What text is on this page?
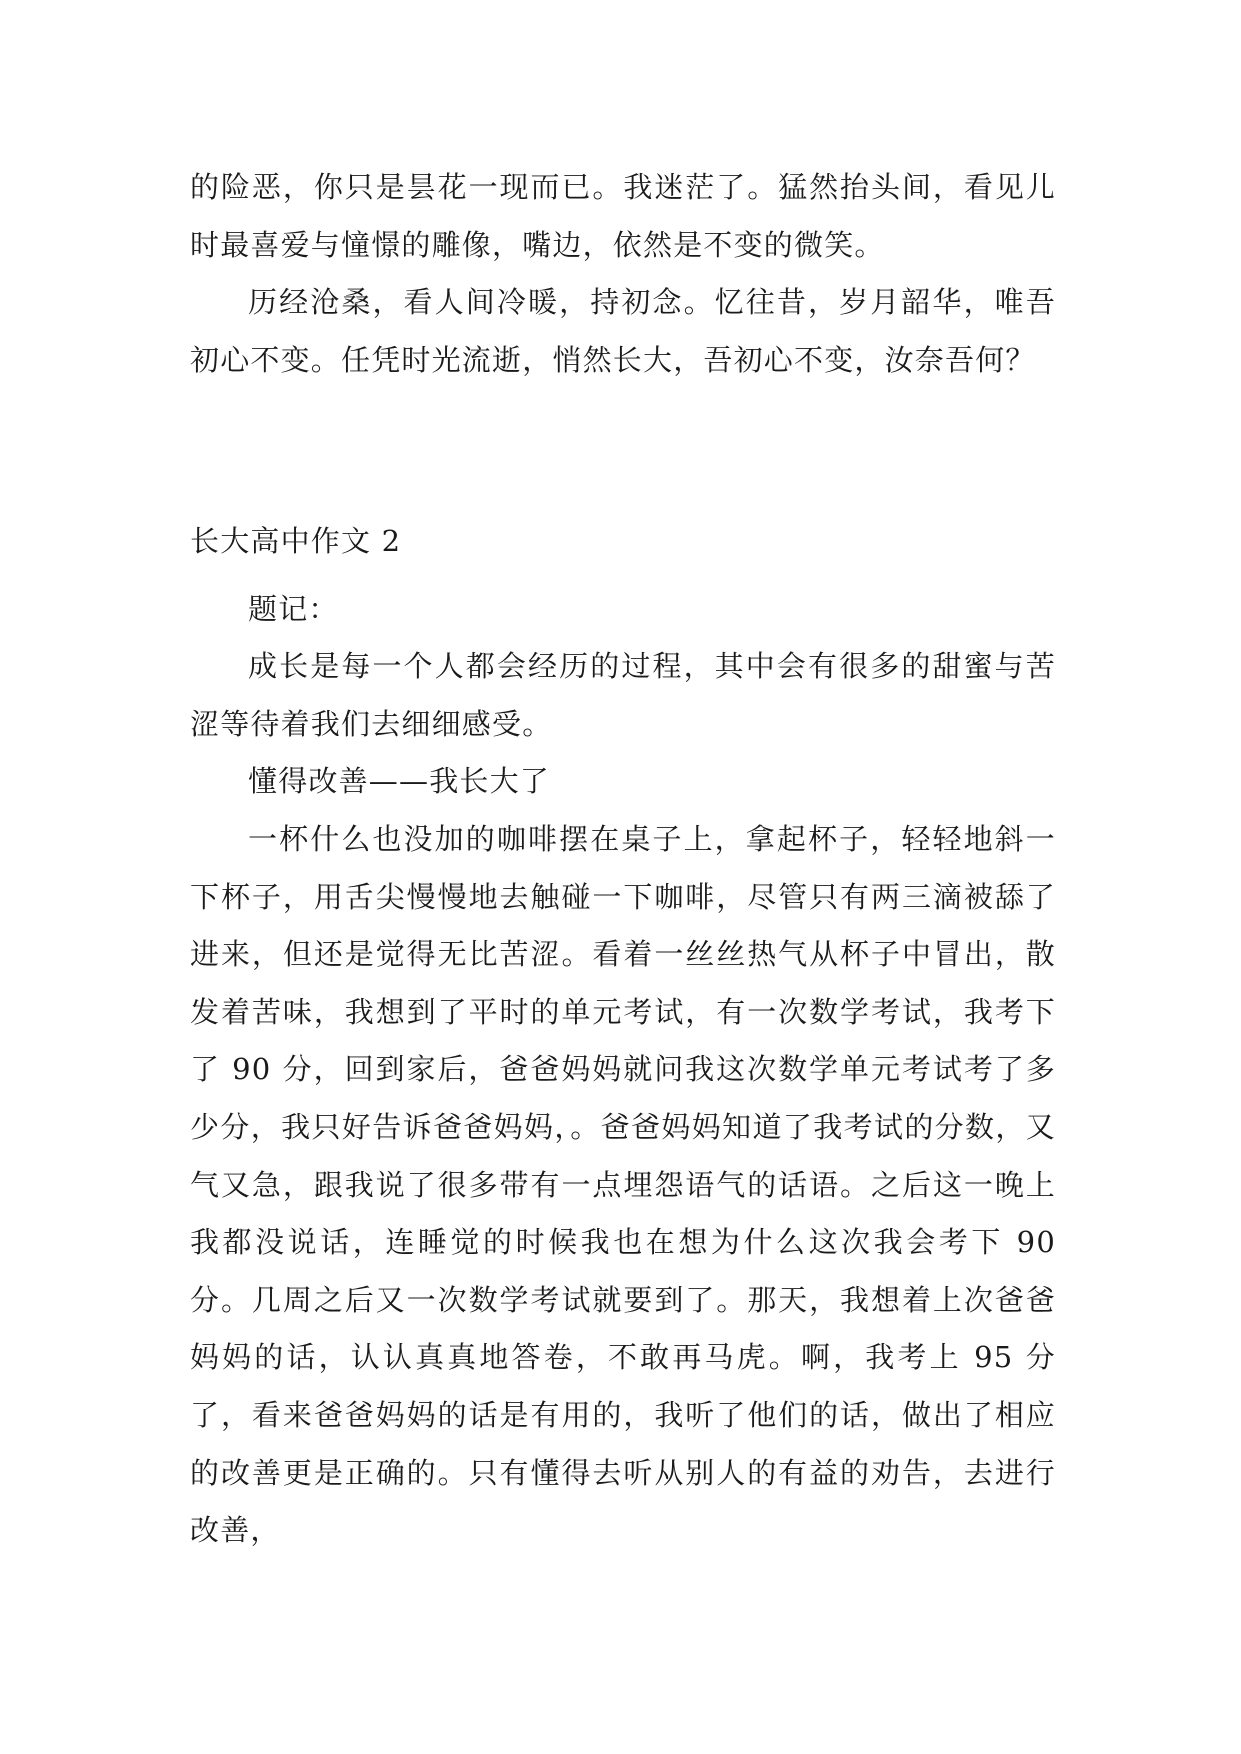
的险恶，你只是昙花一现而已。我迷茫了。猛然抬头间，看见儿时最喜爱与憧憬的雕像，嘴边，依然是不变的微笑。

历经沧桑，看人间冷暖，持初念。忆往昔，岁月韶华，唯吾初心不变。任凭时光流逝，悄然长大，吾初心不变，汝奈吾何？

长大高中作文 2

题记：

成长是每一个人都会经历的过程，其中会有很多的甜蜜与苦涩等待着我们去细细感受。

懂得改善——我长大了

一杯什么也没加的咖啡摆在桌子上，拿起杯子，轻轻地斜一下杯子，用舌尖慢慢地去触碰一下咖啡，尽管只有两三滴被舔了进来，但还是觉得无比苦涩。看着一丝丝热气从杯子中冒出，散发着苦味，我想到了平时的单元考试，有一次数学考试，我考下了 90 分，回到家后，爸爸妈妈就问我这次数学单元考试考了多少分，我只好告诉爸爸妈妈，。爸爸妈妈知道了我考试的分数，又气又急，跟我说了很多带有一点埋怨语气的话语。之后这一晚上我都没说话，连睡觉的时候我也在想为什么这次我会考下 90 分。几周之后又一次数学考试就要到了。那天，我想着上次爸爸妈妈的话，认认真真地答卷，不敢再马虎。啊，我考上 95 分了，看来爸爸妈妈的话是有用的，我听了他们的话，做出了相应的改善更是正确的。只有懂得去听从别人的有益的劝告，去进行改善，
